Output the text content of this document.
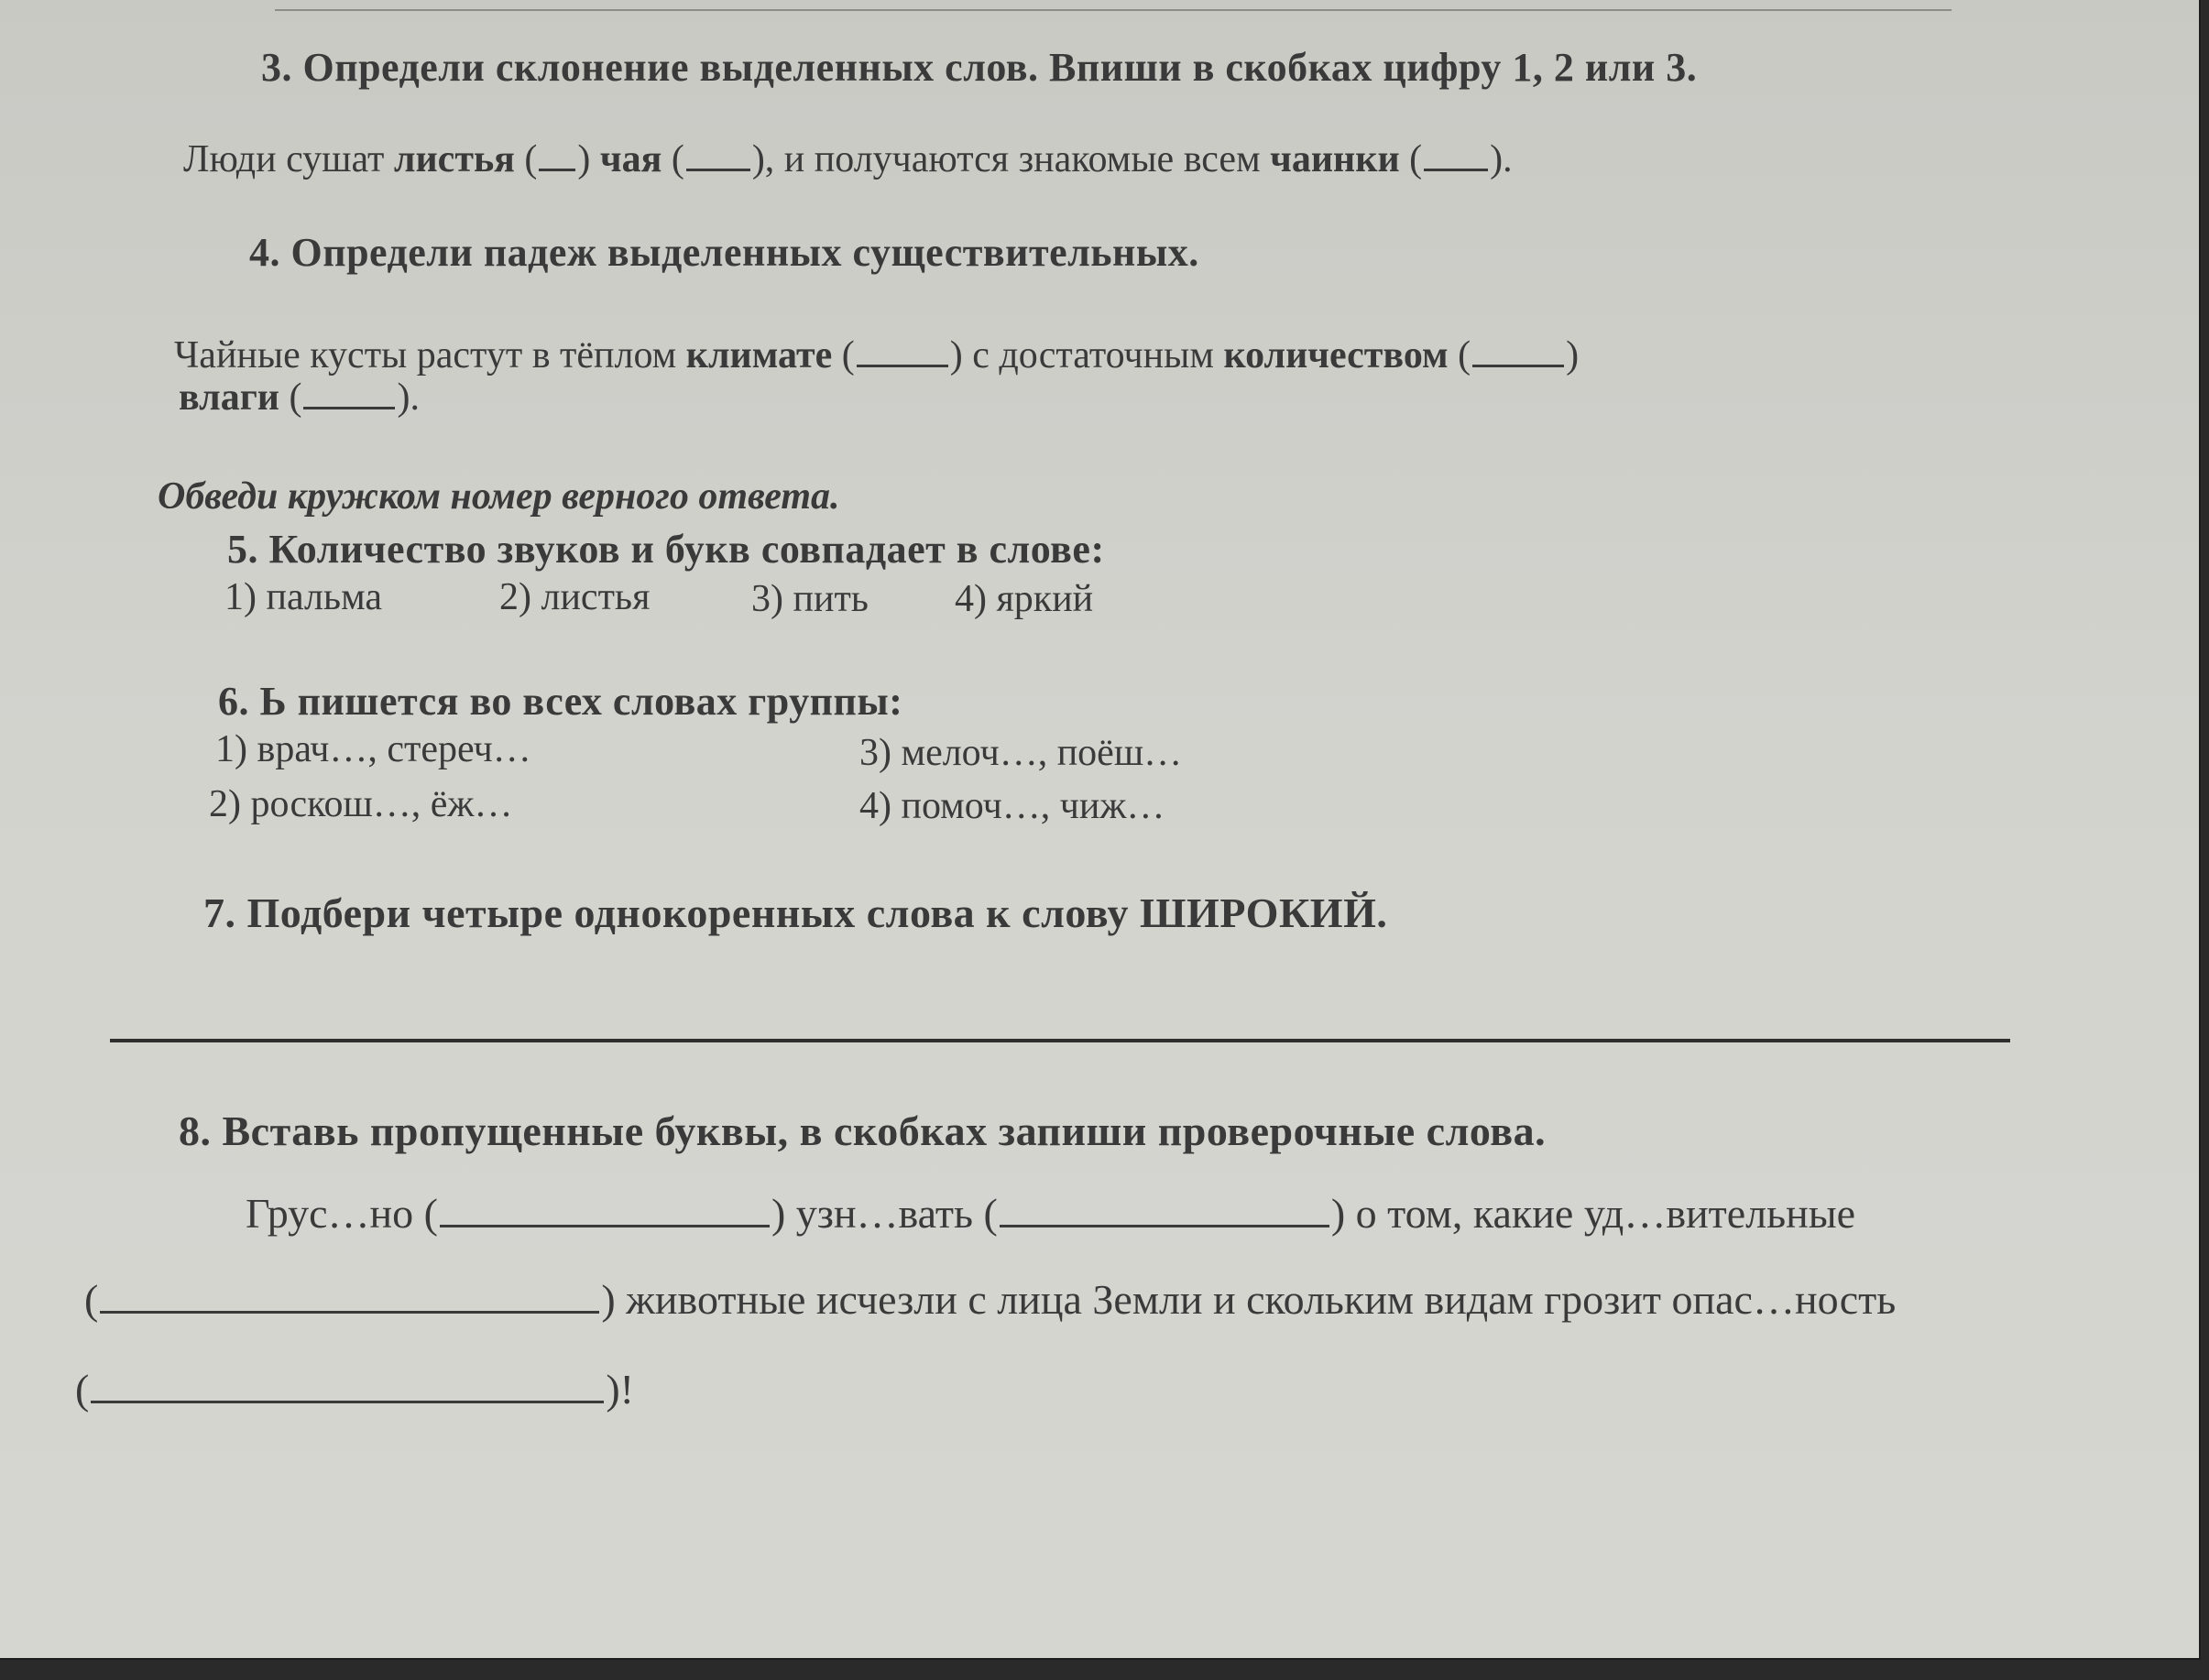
3. Определи склонение выделенных слов. Впиши в скобках цифру 1, 2 или 3.
Люди сушат листья ( ) чая ( ), и получаются знакомые всем чаинки ( ).
4. Определи падеж выделенных существительных.
Чайные кусты растут в тёплом климате ( ) с достаточным количеством ( )
влаги ( ).
Обведи кружком номер верного ответа.
5. Количество звуков и букв совпадает в слове:
1) пальма	2) листья	3) пить 4) яркий
6. Ь пишется во всех словах группы:
1) врач…, стереч…	3) мелоч…, поёш…
2) роскош…, ёж…	4) помоч…, чиж…
7. Подбери четыре однокоренных слова к слову ШИРОКИЙ.
8. Вставь пропущенные буквы, в скобках запиши проверочные слова.
Грус…но (	) узн…вать (	) о том, какие уд…вительные
(	) животные исчезли с лица Земли и скольким видам грозит опас…ность
(	)!
